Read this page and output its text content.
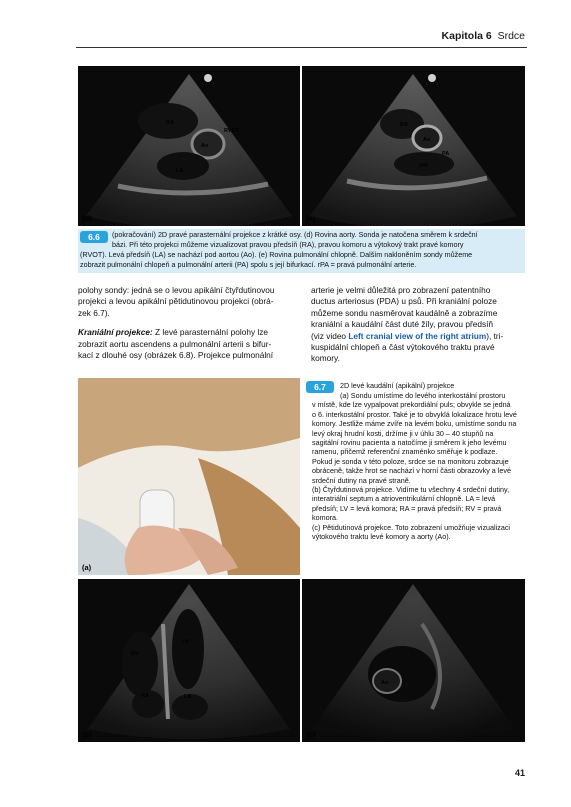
Kapitola 6 Srdce
RA
RVOT
Ao
LA
(d)
RA
Ao
PA
rPA
(e)
6.6	(pokračování) 2D pravé parasternální projekce z krátké osy. (d) Rovina aorty. Sonda je natočena směrem k srdeční
bázi. Při této projekci můžeme vizualizovat pravou předsíň (RA), pravou komoru a výtokový trakt pravé komory
(RVOT). Levá předsíň (LA) se nachází pod aortou (Ao). (e) Rovina pulmonální chlopně. Dalším nakloněním sondy můžeme
zobrazit pulmonální chlopeň a pulmonální arterii (PA) spolu s její bifurkací. rPA = pravá pulmonální arterie.
polohy sondy: jedná se o levou apikální čtyřdutinovou
projekci a levou apikální pětidutinovou projekci (obrá-
zek 6.7).
Kraniální projekce: Z levé parasternální polohy lze
zobrazit aortu ascendens a pulmonální arterii s bifur-
kací z dlouhé osy (obrázek 6.8). Projekce pulmonální
arterie je velmi důležitá pro zobrazení patentního
ductus arteriosus (PDA) u psů. Při kraniální poloze
můžeme sondu nasměrovat kaudálně a zobrazíme
kraniální a kaudální část duté žíly, pravou předsíň
(viz video Left cranial view of the right atrium), tri-
kuspidální chlopeň a část výtokového traktu pravé
komory.
(a)
6.7	2D levé kaudální (apikální) projekce
(a) Sondu umístíme do levého interkostální prostoru
v místě, kde lze vypalpovat prekordiální puls; obvykle se jedná
o 6. interkostální prostor. Také je to obvyklá lokalizace hrotu levé
komory. Jestliže máme zvíře na levém boku, umístíme sondu na
levý okraj hrudní kosti, držíme ji v úhlu 30 – 40 stupňů na
sagitální rovinu pacienta a natočíme ji směrem k jeho levému
ramenu, přičemž referenční znaménko směřuje k podlaze.
Pokud je sonda v této poloze, srdce se na monitoru zobrazuje
obráceně, takže hrot se nachází v horní části obrazovky a levé
srdeční dutiny na pravé straně.
(b) Čtyřdutinová projekce. Vidíme tu všechny 4 srdeční dutiny,
interatriální septum a atrioventrikulární chlopně. LA = levá
předsíň; LV = levá komora; RA = pravá předsíň; RV = pravá
komora.
(c) Pětidutinová projekce. Toto zobrazení umožňuje vizualizaci
výtokového traktu levé komory a aorty (Ao).
RV
LV
RA	LA
(b)
Ao
(c)
41
